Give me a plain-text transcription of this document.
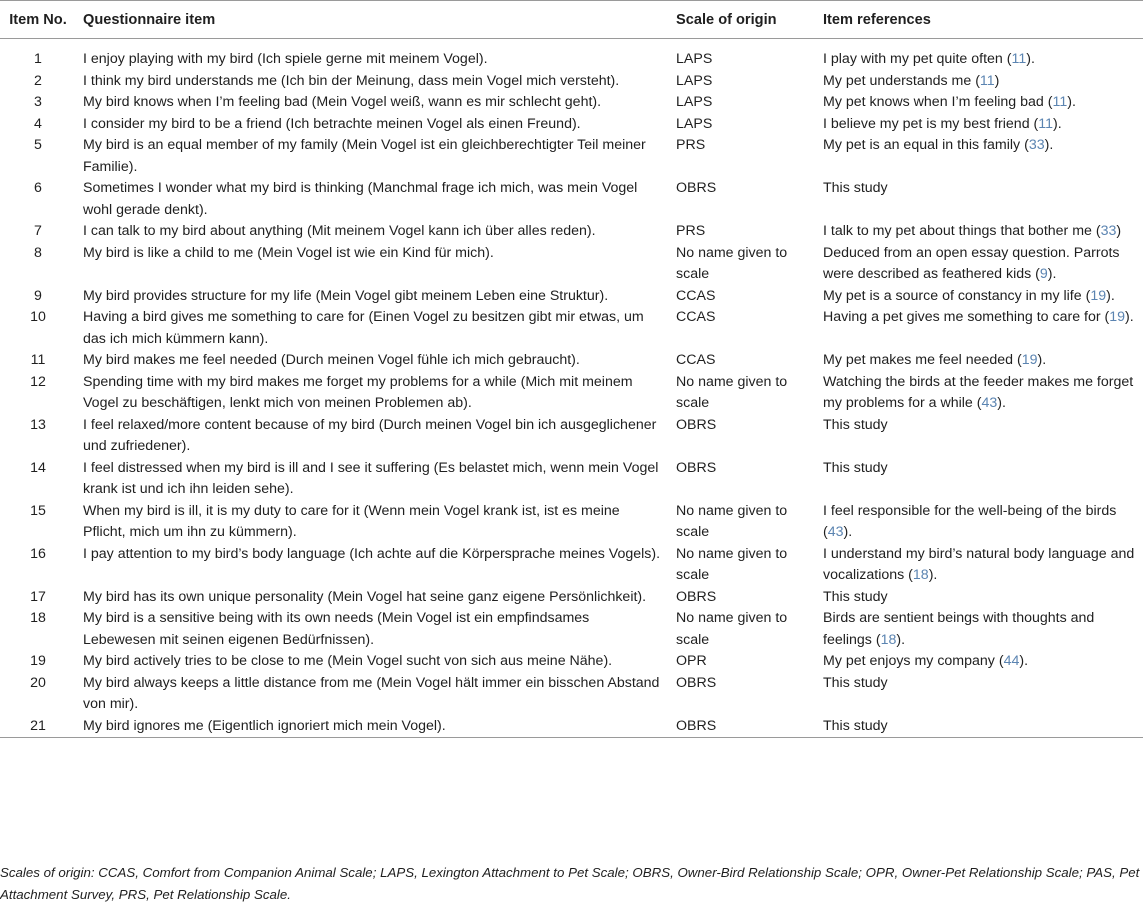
Item No.	Questionnaire item	Scale of origin	Item references

1	I enjoy playing with my bird (Ich spiele gerne mit meinem Vogel).	LAPS	I play with my pet quite often (11).
2	I think my bird understands me (Ich bin der Meinung, dass mein Vogel mich versteht).	LAPS	My pet understands me (11)
3	My bird knows when I’m feeling bad (Mein Vogel weiß, wann es mir schlecht geht).	LAPS	My pet knows when I’m feeling bad (11).
4	I consider my bird to be a friend (Ich betrachte meinen Vogel als einen Freund).	LAPS	I believe my pet is my best friend (11).
5	My bird is an equal member of my family (Mein Vogel ist ein gleichberechtigter Teil meiner Familie).	PRS	My pet is an equal in this family (33).
6	Sometimes I wonder what my bird is thinking (Manchmal frage ich mich, was mein Vogel wohl gerade denkt).	OBRS	This study
7	I can talk to my bird about anything (Mit meinem Vogel kann ich über alles reden).	PRS	I talk to my pet about things that bother me (33)
8	My bird is like a child to me (Mein Vogel ist wie ein Kind für mich).	No name given to scale	Deduced from an open essay question. Parrots were described as feathered kids (9).
9	My bird provides structure for my life (Mein Vogel gibt meinem Leben eine Struktur).	CCAS	My pet is a source of constancy in my life (19).
10	Having a bird gives me something to care for (Einen Vogel zu besitzen gibt mir etwas, um das ich mich kümmern kann).	CCAS	Having a pet gives me something to care for (19).
11	My bird makes me feel needed (Durch meinen Vogel fühle ich mich gebraucht).	CCAS	My pet makes me feel needed (19).
12	Spending time with my bird makes me forget my problems for a while (Mich mit meinem Vogel zu beschäftigen, lenkt mich von meinen Problemen ab).	No name given to scale	Watching the birds at the feeder makes me forget my problems for a while (43).
13	I feel relaxed/more content because of my bird (Durch meinen Vogel bin ich ausgeglichener und zufriedener).	OBRS	This study
14	I feel distressed when my bird is ill and I see it suffering (Es belastet mich, wenn mein Vogel krank ist und ich ihn leiden sehe).	OBRS	This study
15	When my bird is ill, it is my duty to care for it (Wenn mein Vogel krank ist, ist es meine Pflicht, mich um ihn zu kümmern).	No name given to scale	I feel responsible for the well-being of the birds (43).
16	I pay attention to my bird’s body language (Ich achte auf die Körpersprache meines Vogels).	No name given to scale	I understand my bird’s natural body language and vocalizations (18).
17	My bird has its own unique personality (Mein Vogel hat seine ganz eigene Persönlichkeit).	OBRS	This study
18	My bird is a sensitive being with its own needs (Mein Vogel ist ein empfindsames Lebewesen mit seinen eigenen Bedürfnissen).	No name given to scale	Birds are sentient beings with thoughts and feelings (18).
19	My bird actively tries to be close to me (Mein Vogel sucht von sich aus meine Nähe).	OPR	My pet enjoys my company (44).
20	My bird always keeps a little distance from me (Mein Vogel hält immer ein bisschen Abstand von mir).	OBRS	This study
21	My bird ignores me (Eigentlich ignoriert mich mein Vogel).	OBRS	This study
Scales of origin: CCAS, Comfort from Companion Animal Scale; LAPS, Lexington Attachment to Pet Scale; OBRS, Owner-Bird Relationship Scale; OPR, Owner-Pet Relationship Scale; PAS, Pet Attachment Survey, PRS, Pet Relationship Scale.
